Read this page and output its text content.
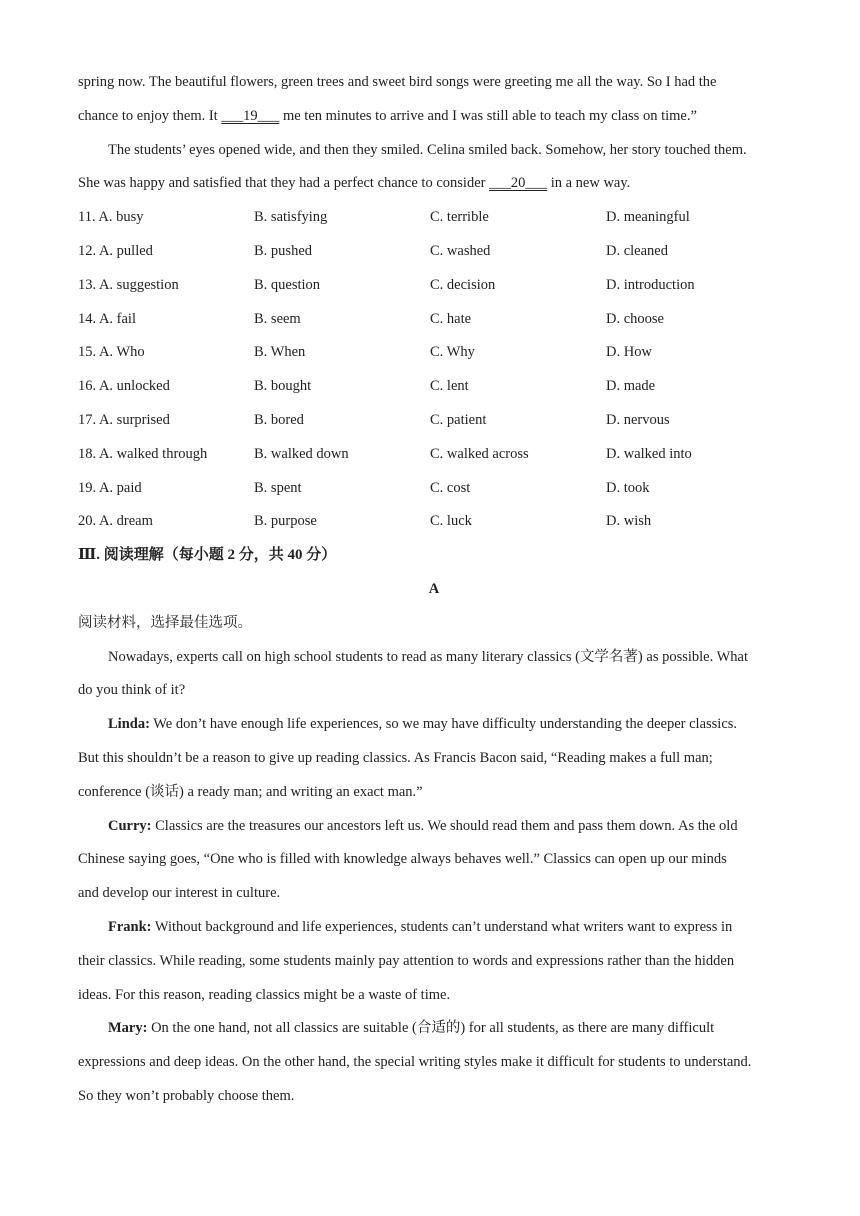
spring now. The beautiful flowers, green trees and sweet bird songs were greeting me all the way. So I had the
chance to enjoy them. It ___19___ me ten minutes to arrive and I was still able to teach my class on time.”
The students’ eyes opened wide, and then they smiled. Celina smiled back. Somehow, her story touched them.
She was happy and satisfied that they had a perfect chance to consider ___20___ in a new way.
11. A. busy	B. satisfying	C. terrible	D. meaningful
12. A. pulled	B. pushed	C. washed	D. cleaned
13. A. suggestion	B. question	C. decision	D. introduction
14. A. fail	B. seem	C. hate	D. choose
15. A. Who	B. When	C. Why	D. How
16. A. unlocked	B. bought	C. lent	D. made
17. A. surprised	B. bored	C. patient	D. nervous
18. A. walked through	B. walked down	C. walked across	D. walked into
19. A. paid	B. spent	C. cost	D. took
20. A. dream	B. purpose	C. luck	D. wish
Ⅲ. 阅读理解（每小题 2 分，共 40 分）
A
阅读材料，选择最佳选项。
Nowadays, experts call on high school students to read as many literary classics (文学名著) as possible. What
do you think of it?
Linda: We don’t have enough life experiences, so we may have difficulty understanding the deeper classics.
But this shouldn’t be a reason to give up reading classics. As Francis Bacon said, “Reading makes a full man;
conference (谈话) a ready man; and writing an exact man.”
Curry: Classics are the treasures our ancestors left us. We should read them and pass them down. As the old
Chinese saying goes, “One who is filled with knowledge always behaves well.” Classics can open up our minds
and develop our interest in culture.
Frank: Without background and life experiences, students can’t understand what writers want to express in
their classics. While reading, some students mainly pay attention to words and expressions rather than the hidden
ideas. For this reason, reading classics might be a waste of time.
Mary: On the one hand, not all classics are suitable (合适的) for all students, as there are many difficult
expressions and deep ideas. On the other hand, the special writing styles make it difficult for students to understand.
So they won’t probably choose them.
